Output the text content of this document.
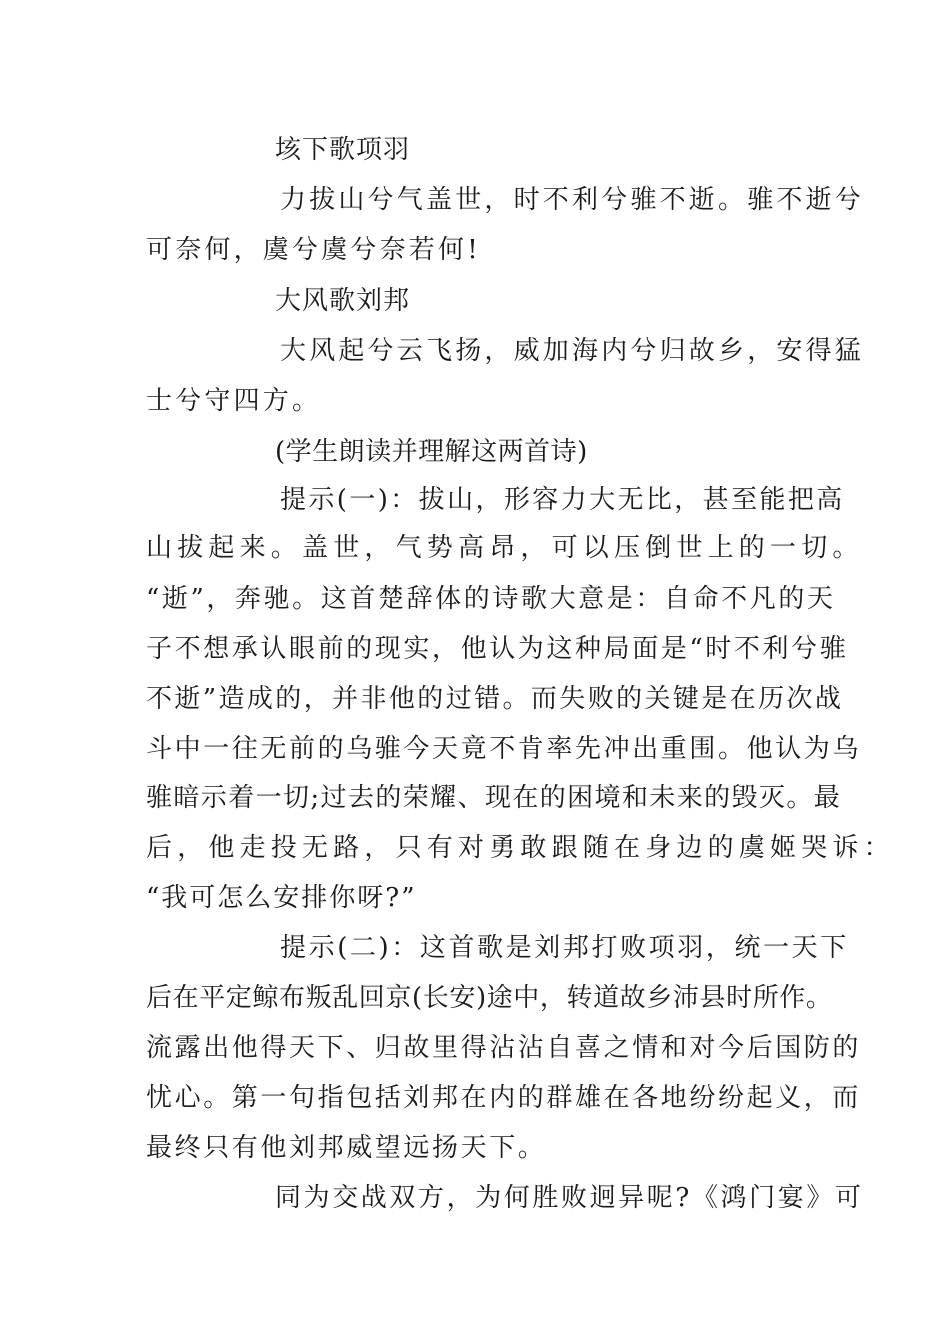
垓下歌项羽
力拔山兮气盖世，时不利兮骓不逝。骓不逝兮
可奈何，虞兮虞兮奈若何!
大风歌刘邦
大风起兮云飞扬，威加海内兮归故乡，安得猛
士兮守四方。
(学生朗读并理解这两首诗)
提示(一)：拔山，形容力大无比，甚至能把高
山拔起来。盖世，气势高昂，可以压倒世上的一切。
“逝”，奔驰。这首楚辞体的诗歌大意是：自命不凡的天
子不想承认眼前的现实，他认为这种局面是“时不利兮骓
不逝”造成的，并非他的过错。而失败的关键是在历次战
斗中一往无前的乌骓今天竟不肯率先冲出重围。他认为乌
骓暗示着一切;过去的荣耀、现在的困境和未来的毁灭。最
后，他走投无路，只有对勇敢跟随在身边的虞姬哭诉：
“我可怎么安排你呀?”
提示(二)：这首歌是刘邦打败项羽，统一天下
后在平定鲸布叛乱回京(长安)途中，转道故乡沛县时所作。
流露出他得天下、归故里得沾沾自喜之情和对今后国防的
忧心。第一句指包括刘邦在内的群雄在各地纷纷起义，而
最终只有他刘邦威望远扬天下。
同为交战双方，为何胜败迥异呢?《鸿门宴》可
